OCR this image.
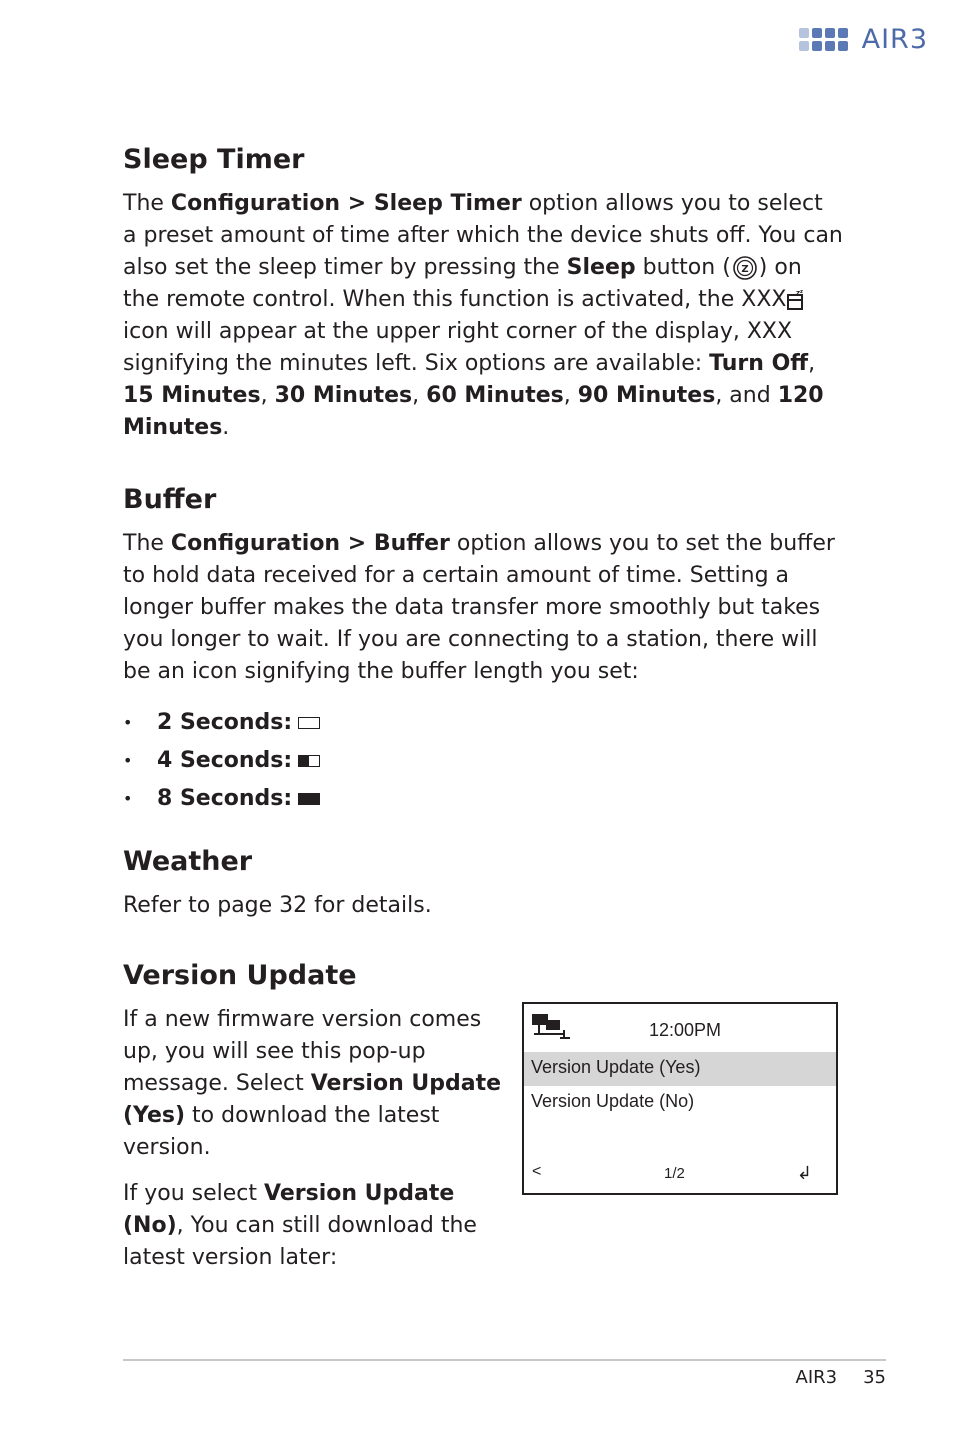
AIR3
Sleep Timer

The Configuration > Sleep Timer option allows you to select a preset amount of time after which the device shuts off. You can also set the sleep timer by pressing the Sleep button ( Z ) on the remote control. When this function is activated, the XXX z z
icon will appear at the upper right corner of the display, XXX signifying the minutes left. Six options are available: Turn Off, 15 Minutes, 30 Minutes, 60 Minutes, 90 Minutes, and 120 Minutes.

Buffer

The Configuration > Buffer option allows you to set the buffer to hold data received for a certain amount of time. Setting a longer buffer makes the data transfer more smoothly but takes you longer to wait. If you are connecting to a station, there will be an icon signifying the buffer length you set:

•	2 Seconds:
•	4 Seconds:
•	8 Seconds:
Weather

Refer to page 32 for details.

Version Update

If a new firmware version comes up, you will see this pop-up message. Select Version Update (Yes) to download the latest version.

If you select Version Update (No), You can still download the latest version later:

12:00PM
Version Update (Yes)
Version Update (No)
<	1/2	↲
AIR3 35
